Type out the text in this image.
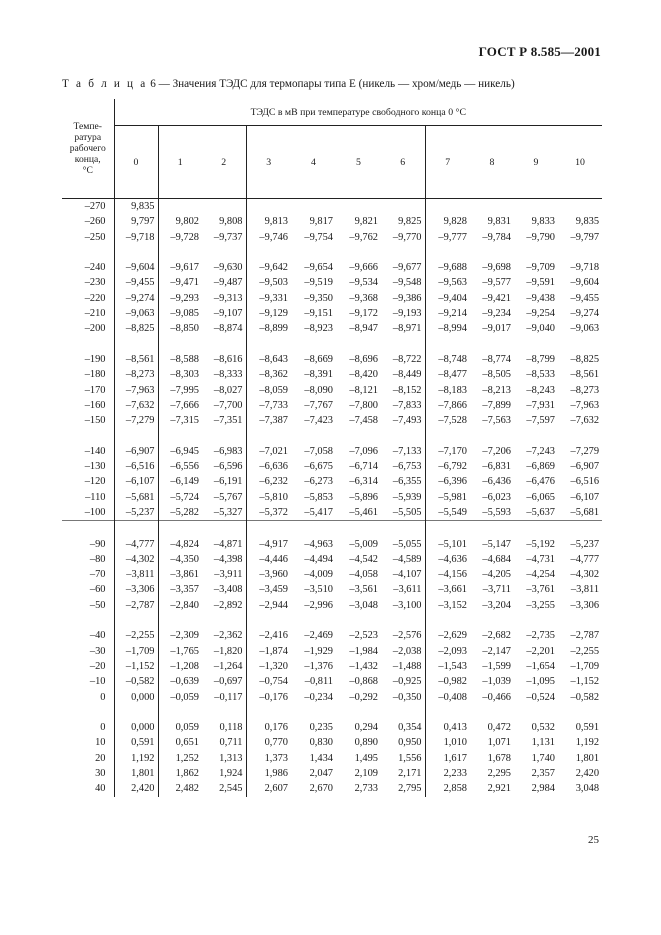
ГОСТ Р 8.585—2001
Т а б л и ц а 6 — Значения ТЭДС для термопары типа Е (никель — хром/медь — никель)
Темпе-
ратура
рабочего
конца,
°С	ТЭДС в мВ при температуре свободного конца 0 °С										
	0	1	2	3	4	5	6	7	8	9	10
–270	9,835										
–260	9,797	9,802	9,808	9,813	9,817	9,821	9,825	9,828	9,831	9,833	9,835
–250	–9,718	–9,728	–9,737	–9,746	–9,754	–9,762	–9,770	–9,777	–9,784	–9,790	–9,797

–240	–9,604	–9,617	–9,630	–9,642	–9,654	–9,666	–9,677	–9,688	–9,698	–9,709	–9,718
–230	–9,455	–9,471	–9,487	–9,503	–9,519	–9,534	–9,548	–9,563	–9,577	–9,591	–9,604
–220	–9,274	–9,293	–9,313	–9,331	–9,350	–9,368	–9,386	–9,404	–9,421	–9,438	–9,455
–210	–9,063	–9,085	–9,107	–9,129	–9,151	–9,172	–9,193	–9,214	–9,234	–9,254	–9,274
–200	–8,825	–8,850	–8,874	–8,899	–8,923	–8,947	–8,971	–8,994	–9,017	–9,040	–9,063

–190	–8,561	–8,588	–8,616	–8,643	–8,669	–8,696	–8,722	–8,748	–8,774	–8,799	–8,825
–180	–8,273	–8,303	–8,333	–8,362	–8,391	–8,420	–8,449	–8,477	–8,505	–8,533	–8,561
–170	–7,963	–7,995	–8,027	–8,059	–8,090	–8,121	–8,152	–8,183	–8,213	–8,243	–8,273
–160	–7,632	–7,666	–7,700	–7,733	–7,767	–7,800	–7,833	–7,866	–7,899	–7,931	–7,963
–150	–7,279	–7,315	–7,351	–7,387	–7,423	–7,458	–7,493	–7,528	–7,563	–7,597	–7,632

–140	–6,907	–6,945	–6,983	–7,021	–7,058	–7,096	–7,133	–7,170	–7,206	–7,243	–7,279
–130	–6,516	–6,556	–6,596	–6,636	–6,675	–6,714	–6,753	–6,792	–6,831	–6,869	–6,907
–120	–6,107	–6,149	–6,191	–6,232	–6,273	–6,314	–6,355	–6,396	–6,436	–6,476	–6,516
–110	–5,681	–5,724	–5,767	–5,810	–5,853	–5,896	–5,939	–5,981	–6,023	–6,065	–6,107
–100	–5,237	–5,282	–5,327	–5,372	–5,417	–5,461	–5,505	–5,549	–5,593	–5,637	–5,681

–90	–4,777	–4,824	–4,871	–4,917	–4,963	–5,009	–5,055	–5,101	–5,147	–5,192	–5,237
–80	–4,302	–4,350	–4,398	–4,446	–4,494	–4,542	–4,589	–4,636	–4,684	–4,731	–4,777
–70	–3,811	–3,861	–3,911	–3,960	–4,009	–4,058	–4,107	–4,156	–4,205	–4,254	–4,302
–60	–3,306	–3,357	–3,408	–3,459	–3,510	–3,561	–3,611	–3,661	–3,711	–3,761	–3,811
–50	–2,787	–2,840	–2,892	–2,944	–2,996	–3,048	–3,100	–3,152	–3,204	–3,255	–3,306

–40	–2,255	–2,309	–2,362	–2,416	–2,469	–2,523	–2,576	–2,629	–2,682	–2,735	–2,787
–30	–1,709	–1,765	–1,820	–1,874	–1,929	–1,984	–2,038	–2,093	–2,147	–2,201	–2,255
–20	–1,152	–1,208	–1,264	–1,320	–1,376	–1,432	–1,488	–1,543	–1,599	–1,654	–1,709
–10	–0,582	–0,639	–0,697	–0,754	–0,811	–0,868	–0,925	–0,982	–1,039	–1,095	–1,152
0	0,000	–0,059	–0,117	–0,176	–0,234	–0,292	–0,350	–0,408	–0,466	–0,524	–0,582

0	0,000	0,059	0,118	0,176	0,235	0,294	0,354	0,413	0,472	0,532	0,591
10	0,591	0,651	0,711	0,770	0,830	0,890	0,950	1,010	1,071	1,131	1,192
20	1,192	1,252	1,313	1,373	1,434	1,495	1,556	1,617	1,678	1,740	1,801
30	1,801	1,862	1,924	1,986	2,047	2,109	2,171	2,233	2,295	2,357	2,420
40	2,420	2,482	2,545	2,607	2,670	2,733	2,795	2,858	2,921	2,984	3,048
25
